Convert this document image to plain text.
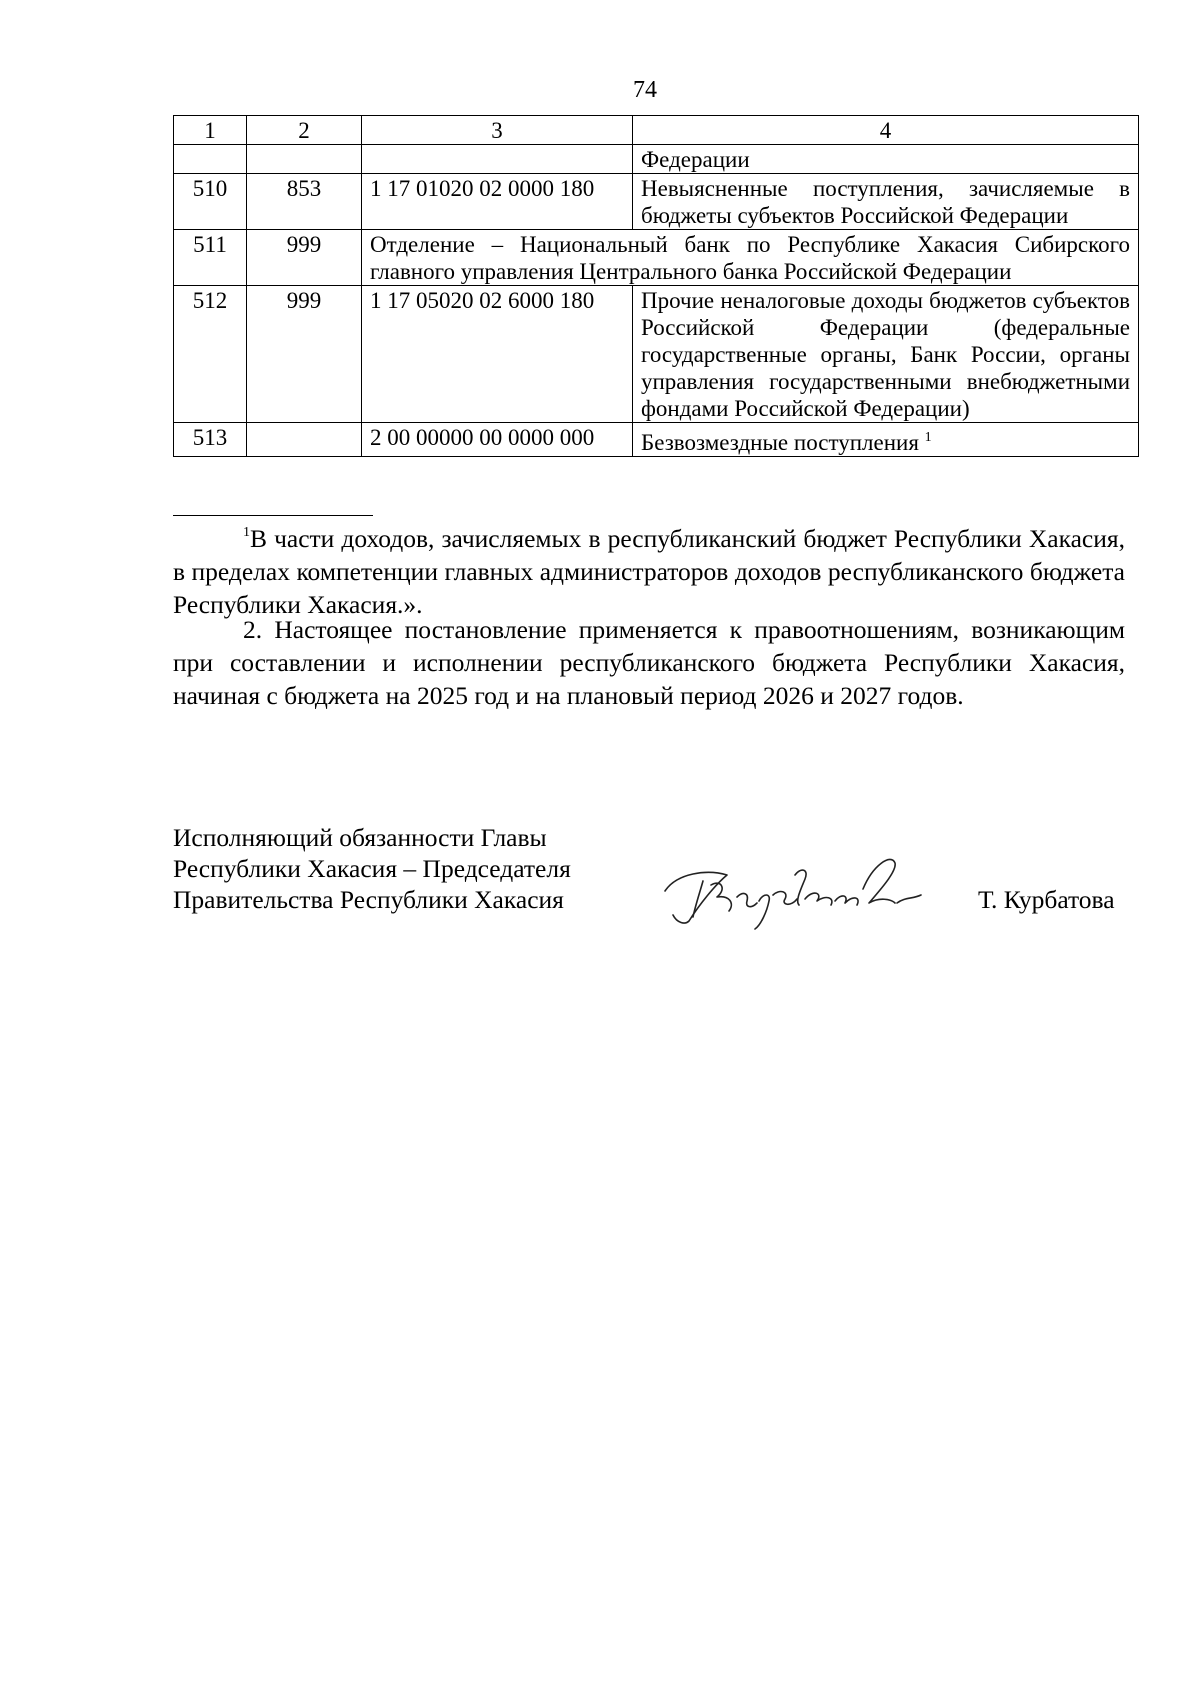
74
1	2	3	4
			Федерации
510	853	1 17 01020 02 0000 180	Невыясненные поступления, зачисляемые в бюджеты субъектов Российской Федерации
511	999	Отделение – Национальный банк по Республике Хакасия Сибирского главного управления Центрального банка Российской Федерации	
512	999	1 17 05020 02 6000 180	Прочие неналоговые доходы бюджетов субъектов Российской Федерации (федеральные государственные органы, Банк России, органы управления государственными внебюджетными фондами Российской Федерации)
513		2 00 00000 00 0000 000	Безвозмездные поступления $^1$
$^1$В части доходов, зачисляемых в республиканский бюджет Республики Хакасия, в пределах компетенции главных администраторов доходов республиканского бюджета Республики Хакасия.».
2. Настоящее постановление применяется к правоотношениям, возникающим при составлении и исполнении республиканского бюджета Республики Хакасия, начиная с бюджета на 2025 год и на плановый период 2026 и 2027 годов.
Исполняющий обязанности Главы
Республики Хакасия – Председателя
Правительства Республики Хакасия	Т. Курбатова
